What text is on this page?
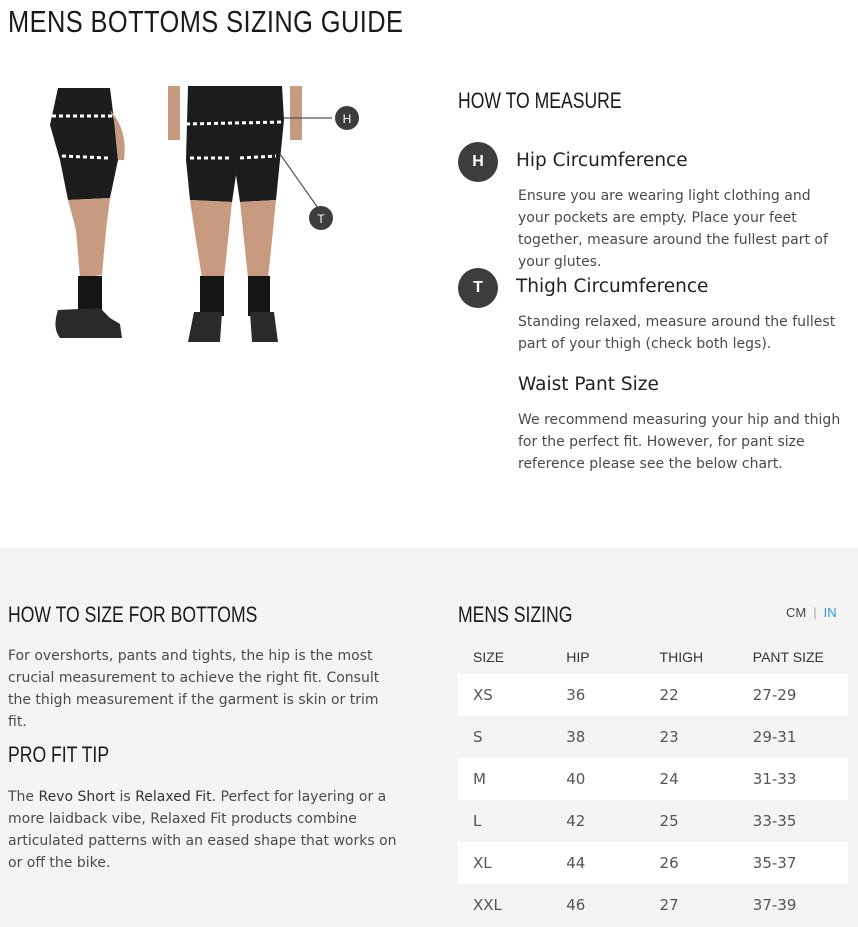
MENS BOTTOMS SIZING GUIDE
H
T
HOW TO MEASURE
H Hip Circumference

Ensure you are wearing light clothing and your pockets are empty. Place your feet together, measure around the fullest part of your glutes.

T Thigh Circumference

Standing relaxed, measure around the fullest part of your thigh (check both legs).

Waist Pant Size

We recommend measuring your hip and thigh for the perfect fit. However, for pant size reference please see the below chart.

HOW TO SIZE FOR BOTTOMS

For overshorts, pants and tights, the hip is the most crucial measurement to achieve the right fit. Consult the thigh measurement if the garment is skin or trim fit.

PRO FIT TIP

The Revo Short is Relaxed Fit. Perfect for layering or a more laidback vibe, Relaxed Fit products combine articulated patterns with an eased shape that works on or off the bike.

MENS SIZING	CM | IN
SIZE	HIP	THIGH	PANT SIZE
XS	36	22	27-29
S	38	23	29-31
M	40	24	31-33
L	42	25	33-35
XL	44	26	35-37
XXL	46	27	37-39
